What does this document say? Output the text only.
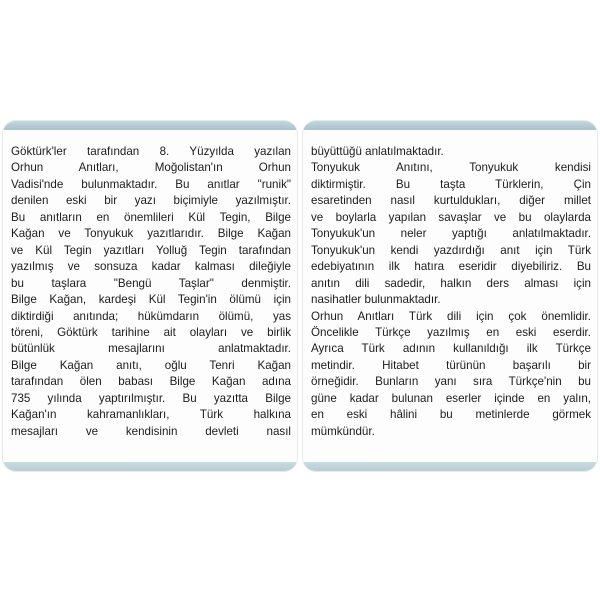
Göktürk'ler tarafından 8. Yüzyılda yazılan
Orhun Anıtları, Moğolistan'ın Orhun
Vadisi'nde bulunmaktadır. Bu anıtlar "runik"
denilen eski bir yazı biçimiyle yazılmıştır.
Bu anıtların en önemlileri Kül Tegin, Bilge
Kağan ve Tonyukuk yazıtlarıdır. Bilge Kağan
ve Kül Tegin yazıtları Yolluğ Tegin tarafından
yazılmış ve sonsuza kadar kalması dileğiyle
bu taşlara "Bengü Taşlar" denmiştir.
Bilge Kağan, kardeşi Kül Tegin'in ölümü için
diktirdiği anıtında; hükümdarın ölümü, yas
töreni, Göktürk tarihine ait olayları ve birlik
bütünlük mesajlarını anlatmaktadır.
Bilge Kağan anıtı, oğlu Tenri Kağan
tarafından ölen babası Bilge Kağan adına
735 yılında yaptırılmıştır. Bu yazıtta Bilge
Kağan'ın kahramanlıkları, Türk halkına
mesajları ve kendisinin devleti nasıl
büyüttüğü anlatılmaktadır.
Tonyukuk Anıtını, Tonyukuk kendisi
diktirmiştir. Bu taşta Türklerin, Çin
esaretinden nasıl kurtuldukları, diğer millet
ve boylarla yapılan savaşlar ve bu olaylarda
Tonyukuk'un neler yaptığı anlatılmaktadır.
Tonyukuk'un kendi yazdırdığı anıt için Türk
edebiyatının ilk hatıra eseridir diyebiliriz. Bu
anıtın dili sadedir, halkın ders alması için
nasihatler bulunmaktadır.
Orhun Anıtları Türk dili için çok önemlidir.
Öncelikle Türkçe yazılmış en eski eserdir.
Ayrıca Türk adının kullanıldığı ilk Türkçe
metindir. Hitabet türünün başarılı bir
örneğidir. Bunların yanı sıra Türkçe'nin bu
güne kadar bulunan eserler içinde en yalın,
en eski hâlini bu metinlerde görmek
mümkündür.
